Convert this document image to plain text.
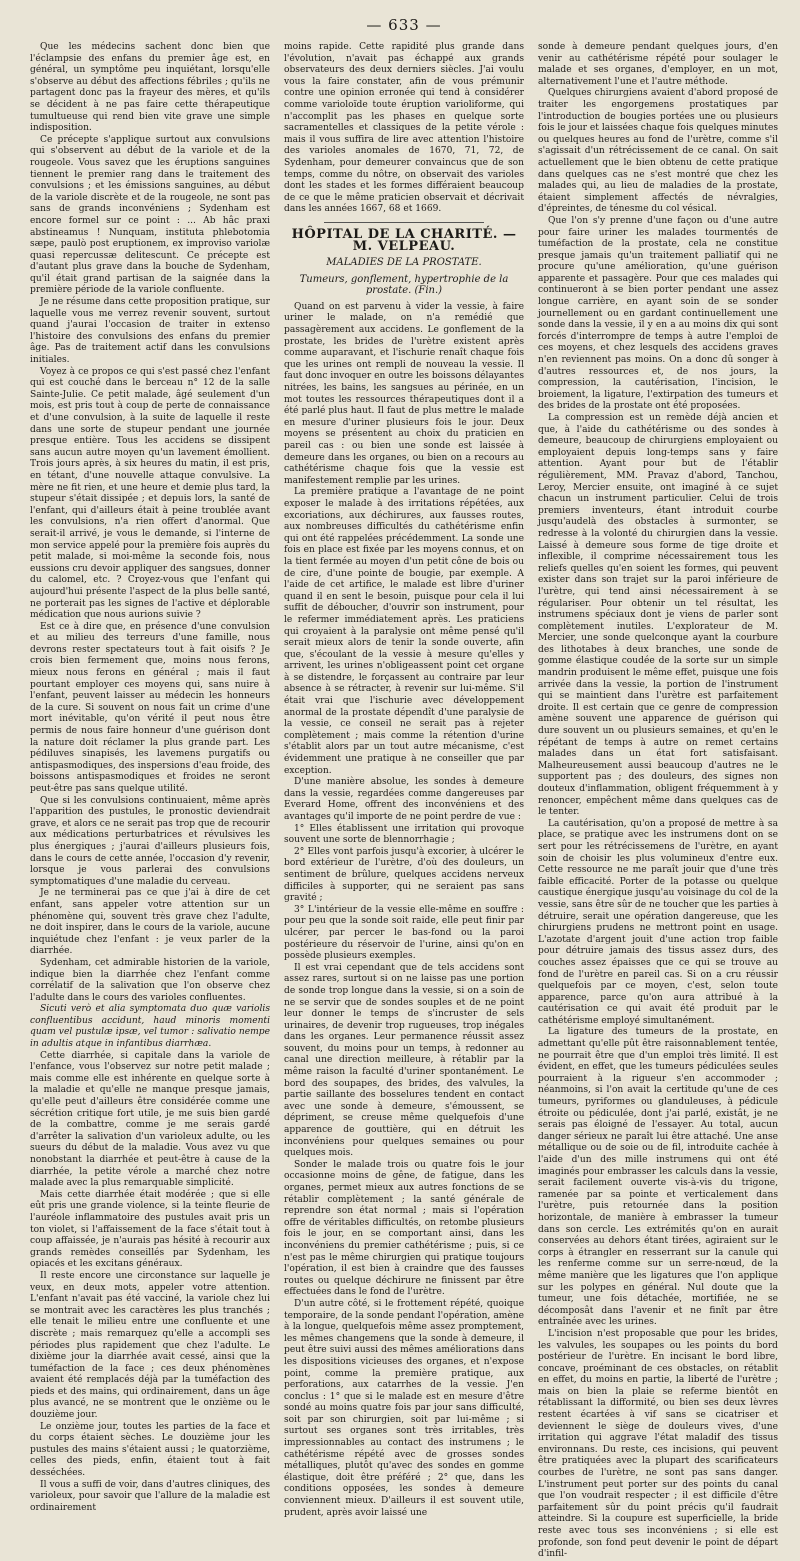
— 633 —

Que les médecins sachent donc bien que l'éclampsie des enfans du premier âge est, en général, un symptôme peu inquiétant, lorsqu'elle s'observe au début des affections fébriles ; qu'ils ne partagent donc pas la frayeur des mères, et qu'ils se décident à ne pas faire cette thérapeutique tumultueuse qui rend bien vite grave une simple indisposition.

Ce précepte s'applique surtout aux convulsions qui s'observent au début de la variole et de la rougeole. Vous savez que les éruptions sanguines tiennent le premier rang dans le traitement des convulsions ; et les émissions sanguines, au début de la variole discrète et de la rougeole, ne sont pas sans de grands inconvéniens ; Sydenham est encore formel sur ce point : ... Ab hâc praxi abstineamus ! Nunquam, instituta phlebotomia sæpe, paulò post eruptionem, ex improviso variolæ quasi repercussæ delitescunt. Ce précepte est d'autant plus grave dans la bouche de Sydenham, qu'il était grand partisan de la saignée dans la première période de la variole confluente.

Je ne résume dans cette proposition pratique, sur laquelle vous me verrez revenir souvent, surtout quand j'aurai l'occasion de traiter in extenso l'histoire des convulsions des enfans du premier âge. Pas de traitement actif dans les convulsions initiales.

Voyez à ce propos ce qui s'est passé chez l'enfant qui est couché dans le berceau n° 12 de la salle Sainte-Julie. Ce petit malade, âgé seulement d'un mois, est pris tout à coup de perte de connaissance et d'une convulsion, à la suite de laquelle il reste dans une sorte de stupeur pendant une journée presque entière. Tous les accidens se dissipent sans aucun autre moyen qu'un lavement émollient. Trois jours après, à six heures du matin, il est pris, en tétant, d'une nouvelle attaque convulsive. La mère ne fit rien, et une heure et demie plus tard, la stupeur s'était dissipée ; et depuis lors, la santé de l'enfant, qui d'ailleurs était à peine troublée avant les convulsions, n'a rien offert d'anormal. Que serait-il arrivé, je vous le demande, si l'interne de mon service appelé pour la première fois auprès du petit malade, si moi-même la seconde fois, nous eussions cru devoir appliquer des sangsues, donner du calomel, etc. ? Croyez-vous que l'enfant qui aujourd'hui présente l'aspect de la plus belle santé, ne porterait pas les signes de l'active et déplorable médication que nous aurions suivie ?

Est ce à dire que, en présence d'une convulsion et au milieu des terreurs d'une famille, nous devrons rester spectateurs tout à fait oisifs ? Je crois bien fermement que, moins nous ferons, mieux nous ferons en général ; mais il faut pourtant employer ces moyens qui, sans nuire à l'enfant, peuvent laisser au médecin les honneurs de la cure. Si souvent on nous fait un crime d'une mort inévitable, qu'on vérité il peut nous être permis de nous faire honneur d'une guérison dont la nature doit réclamer la plus grande part. Les pédiluves sinapisés, les lavemens purgatifs ou antispasmodiques, des inspersions d'eau froide, des boissons antispasmodiques et froides ne seront peut-être pas sans quelque utilité.

Que si les convulsions continuaient, même après l'apparition des pustules, le pronostic deviendrait grave, et alors ce ne serait pas trop que de recourir aux médications perturbatrices et révulsives les plus énergiques ; j'aurai d'ailleurs plusieurs fois, dans le cours de cette année, l'occasion d'y revenir, lorsque je vous parlerai des convulsions symptomatiques d'une maladie du cerveau.

Je ne terminerai pas ce que j'ai à dire de cet enfant, sans appeler votre attention sur un phénomène qui, souvent très grave chez l'adulte, ne doit inspirer, dans le cours de la variole, aucune inquiétude chez l'enfant : je veux parler de la diarrhée.

Sydenham, cet admirable historien de la variole, indique bien la diarrhée chez l'enfant comme corrélatif de la salivation que l'on observe chez l'adulte dans le cours des varioles confluentes.

Sicuti verò et alia symptomata duo quæ variolis confluentibus accidunt, haud minoris momenti quam vel pustulæ ipsæ, vel tumor : salivatio nempe in adultis atque in infantibus diarrhæa.

Cette diarrhée, si capitale dans la variole de l'enfance, vous l'observez sur notre petit malade ; mais comme elle est inhérente en quelque sorte à la maladie et qu'elle ne manque presque jamais, qu'elle peut d'ailleurs être considérée comme une sécrétion critique fort utile, je me suis bien gardé de la combattre, comme je me serais gardé d'arrêter la salivation d'un varioleux adulte, ou les sueurs du début de la maladie. Vous avez vu que nonobstant la diarrhée et peut-être à cause de la diarrhée, la petite vérole a marché chez notre malade avec la plus remarquable simplicité.

Mais cette diarrhée était modérée ; que si elle eût pris une grande violence, si la teinte fleurie de l'auréole inflammatoire des pustules avait pris un ton violet, si l'affaissement de la face s'était tout à coup affaissée, je n'aurais pas hésité à recourir aux grands remèdes conseillés par Sydenham, les opiacés et les excitans généraux.

Il reste encore une circonstance sur laquelle je veux, en deux mots, appeler votre attention. L'enfant n'avait pas été vacciné, la variole chez lui se montrait avec les caractères les plus tranchés ; elle tenait le milieu entre une confluente et une discrète ; mais remarquez qu'elle a accompli ses périodes plus rapidement que chez l'adulte. Le dixième jour la diarrhée avait cessé, ainsi que la tuméfaction de la face ; ces deux phénomènes avaient été remplacés déjà par la tuméfaction des pieds et des mains, qui ordinairement, dans un âge plus avancé, ne se montrent que le onzième ou le douzième jour.

Le onzième jour, toutes les parties de la face et du corps étaient sèches. Le douzième jour les pustules des mains s'étaient aussi ; le quatorzième, celles des pieds, enfin, étaient tout à fait desséchées.

Il vous a suffi de voir, dans d'autres cliniques, des varioleux, pour savoir que l'allure de la maladie est ordinairement

moins rapide. Cette rapidité plus grande dans l'évolution, n'avait pas échappé aux grands observateurs des deux derniers siècles. J'ai voulu vous la faire constater, afin de vous prémunir contre une opinion erronée qui tend à considérer comme varioloïde toute éruption varioliforme, qui n'accomplit pas les phases en quelque sorte sacramentelles et classiques de la petite vérole : mais il vous suffira de lire avec attention l'histoire des varioles anomales de 1670, 71, 72, de Sydenham, pour demeurer convaincus que de son temps, comme du nôtre, on observait des varioles dont les stades et les formes différaient beaucoup de ce que le même praticien observait et décrivait dans les années 1667, 68 et 1669.

HÔPITAL DE LA CHARITÉ. — M. VELPEAU.
MALADIES DE LA PROSTATE.
Tumeurs, gonflement, hypertrophie de la prostate. (Fin.)

Quand on est parvenu à vider la vessie, à faire uriner le malade, on n'a remédié que passagèrement aux accidens. Le gonflement de la prostate, les brides de l'urètre existent après comme auparavant, et l'ischurie renaît chaque fois que les urines ont rempli de nouveau la vessie. Il faut donc invoquer en outre les boissons délayantes nitrées, les bains, les sangsues au périnée, en un mot toutes les ressources thérapeutiques dont il a été parlé plus haut. Il faut de plus mettre le malade en mesure d'uriner plusieurs fois le jour. Deux moyens se présentent au choix du praticien en pareil cas : ou bien une sonde est laissée à demeure dans les organes, ou bien on a recours au cathétérisme chaque fois que la vessie est manifestement remplie par les urines.

La première pratique a l'avantage de ne point exposer le malade à des irritations répétées, aux excoriations, aux déchirures, aux fausses routes, aux nombreuses difficultés du cathétérisme enfin qui ont été rappelées précédemment. La sonde une fois en place est fixée par les moyens connus, et on la tient fermée au moyen d'un petit cône de bois ou de cire, d'une pointe de bougie, par exemple. A l'aide de cet artifice, le malade est libre d'uriner quand il en sent le besoin, puisque pour cela il lui suffit de déboucher, d'ouvrir son instrument, pour le refermer immédiatement après. Les praticiens qui croyaient à la paralysie ont même pensé qu'il serait mieux alors de tenir la sonde ouverte, afin que, s'écoulant de la vessie à mesure qu'elles y arrivent, les urines n'obligeassent point cet organe à se distendre, le forçassent au contraire par leur absence à se rétracter, à revenir sur lui-même. S'il était vrai que l'ischurie avec développement anormal de la prostate dépendît d'une paralysie de la vessie, ce conseil ne serait pas à rejeter complètement ; mais comme la rétention d'urine s'établit alors par un tout autre mécanisme, c'est évidemment une pratique à ne conseiller que par exception.

D'une manière absolue, les sondes à demeure dans la vessie, regardées comme dangereuses par Everard Home, offrent des inconvéniens et des avantages qu'il importe de ne point perdre de vue :

1° Elles établissent une irritation qui provoque souvent une sorte de blennorrhagie ;

2° Elles vont parfois jusqu'à excorier, à ulcérer le bord extérieur de l'urètre, d'où des douleurs, un sentiment de brûlure, quelques accidens nerveux difficiles à supporter, qui ne seraient pas sans gravité ;

3° L'intérieur de la vessie elle-même en souffre : pour peu que la sonde soit raide, elle peut finir par ulcérer, par percer le bas-fond ou la paroi postérieure du réservoir de l'urine, ainsi qu'on en possède plusieurs exemples.

Il est vrai cependant que de tels accidens sont assez rares, surtout si on ne laisse pas une portion de sonde trop longue dans la vessie, si on a soin de ne se servir que de sondes souples et de ne point leur donner le temps de s'incruster de sels urinaires, de devenir trop rugueuses, trop inégales dans les organes. Leur permanence réussit assez souvent, du moins pour un temps, à redonner au canal une direction meilleure, à rétablir par la même raison la faculté d'uriner spontanément. Le bord des soupapes, des brides, des valvules, la partie saillante des bosselures tendent en contact avec une sonde à demeure, s'émoussent, se dépriment, se creuse même quelquefois d'une apparence de gouttière, qui en détruit les inconvéniens pour quelques semaines ou pour quelques mois.

Sonder le malade trois ou quatre fois le jour occasionne moins de gêne, de fatigue, dans les organes, permet mieux aux autres fonctions de se rétablir complètement ; la santé générale de reprendre son état normal ; mais si l'opération offre de véritables difficultés, on retombe plusieurs fois le jour, en se comportant ainsi, dans les inconvéniens du premier cathétérisme ; puis, si ce n'est pas le même chirurgien qui pratique toujours l'opération, il est bien à craindre que des fausses routes ou quelque déchirure ne finissent par être effectuées dans le fond de l'urètre.

D'un autre côté, si le frottement répété, quoique temporaire, de la sonde pendant l'opération, amène à la longue, quelquefois même assez promptement, les mêmes changemens que la sonde à demeure, il peut être suivi aussi des mêmes améliorations dans les dispositions vicieuses des organes, et n'expose point, comme la première pratique, aux perforations, aux catarrhes de la vessie. J'en conclus : 1° que si le malade est en mesure d'être sondé au moins quatre fois par jour sans difficulté, soit par son chirurgien, soit par lui-même ; si surtout ses organes sont très irritables, très impressionnables au contact des instrumens ; le cathétérisme répété avec de grosses sondes métalliques, plutôt qu'avec des sondes en gomme élastique, doit être préféré ; 2° que, dans les conditions opposées, les sondes à demeure conviennent mieux. D'ailleurs il est souvent utile, prudent, après avoir laissé une

sonde à demeure pendant quelques jours, d'en venir au cathétérisme répété pour soulager le malade et ses organes, d'employer, en un mot, alternativement l'une et l'autre méthode.

Quelques chirurgiens avaient d'abord proposé de traiter les engorgemens prostatiques par l'introduction de bougies portées une ou plusieurs fois le jour et laissées chaque fois quelques minutes ou quelques heures au fond de l'urètre, comme s'il s'agissait d'un rétrécissement de ce canal. On sait actuellement que le bien obtenu de cette pratique dans quelques cas ne s'est montré que chez les malades qui, au lieu de maladies de la prostate, étaient simplement affectés de névralgies, d'épreintes, de ténesme du col vésical.

Que l'on s'y prenne d'une façon ou d'une autre pour faire uriner les malades tourmentés de tuméfaction de la prostate, cela ne constitue presque jamais qu'un traitement palliatif qui ne procure qu'une amélioration, qu'une guérison apparente et passagère. Pour que ces malades qui continueront à se bien porter pendant une assez longue carrière, en ayant soin de se sonder journellement ou en gardant continuellement une sonde dans la vessie, il y en a au moins dix qui sont forcés d'interrompre de temps à autre l'emploi de ces moyens, et chez lesquels des accidens graves n'en reviennent pas moins. On a donc dû songer à d'autres ressources et, de nos jours, la compression, la cautérisation, l'incision, le broiement, la ligature, l'extirpation des tumeurs et des brides de la prostate ont été proposées.

La compression est un remède déjà ancien et que, à l'aide du cathétérisme ou des sondes à demeure, beaucoup de chirurgiens employaient ou employaient depuis long-temps sans y faire attention. Ayant pour but de l'établir régulièrement, MM. Pravaz d'abord, Tanchou, Leroy, Mercier ensuite, ont imaginé à ce sujet chacun un instrument particulier. Celui de trois premiers inventeurs, étant introduit courbe jusqu'audelà des obstacles à surmonter, se redresse à la volonté du chirurgien dans la vessie. Laissé à demeure sous forme de tige droite et inflexible, il comprime nécessairement tous les reliefs quelles qu'en soient les formes, qui peuvent exister dans son trajet sur la paroi inférieure de l'urètre, qui tend ainsi nécessairement à se régulariser. Pour obtenir un tel résultat, les instrumens spéciaux dont je viens de parler sont complètement inutiles. L'explorateur de M. Mercier, une sonde quelconque ayant la courbure des lithotabes à deux branches, une sonde de gomme élastique coudée de la sorte sur un simple mandrin produisent le même effet, puisque une fois arrivée dans la vessie, la portion de l'instrument qui se maintient dans l'urètre est parfaitement droite. Il est certain que ce genre de compression amène souvent une apparence de guérison qui dure souvent un ou plusieurs semaines, et qu'en le répétant de temps à autre on remet certains malades dans un état fort satisfaisant. Malheureusement aussi beaucoup d'autres ne le supportent pas ; des douleurs, des signes non douteux d'inflammation, obligent fréquemment à y renoncer, empêchent même dans quelques cas de le tenter.

La cautérisation, qu'on a proposé de mettre à sa place, se pratique avec les instrumens dont on se sert pour les rétrécissemens de l'urètre, en ayant soin de choisir les plus volumineux d'entre eux. Cette ressource ne me paraît jouir que d'une très faible efficacité. Porter de la potasse ou quelque caustique énergique jusqu'au voisinage du col de la vessie, sans être sûr de ne toucher que les parties à détruire, serait une opération dangereuse, que les chirurgiens prudens ne mettront point en usage. L'azotate d'argent jouit d'une action trop faible pour détruire jamais des tissus assez durs, des couches assez épaisses que ce qui se trouve au fond de l'urètre en pareil cas. Si on a cru réussir quelquefois par ce moyen, c'est, selon toute apparence, parce qu'on aura attribué à la cautérisation ce qui avait été produit par le cathétérisme employé simultanément.

La ligature des tumeurs de la prostate, en admettant qu'elle pût être raisonnablement tentée, ne pourrait être que d'un emploi très limité. Il est évident, en effet, que les tumeurs pédiculées seules pourraient à la rigueur s'en accommoder ; néanmoins, si l'on avait la certitude qu'une de ces tumeurs, pyriformes ou glanduleuses, à pédicule étroite ou pédiculée, dont j'ai parlé, existât, je ne serais pas éloigné de l'essayer. Au total, aucun danger sérieux ne paraît lui être attaché. Une anse métallique ou de soie ou de fil, introduite cachée à l'aide d'un des mille instrumens qui ont été imaginés pour embrasser les calculs dans la vessie, serait facilement ouverte vis-à-vis du trigone, ramenée par sa pointe et verticalement dans l'urètre, puis retournée dans la position horizontale, de manière à embrasser la tumeur dans son cercle. Les extrémités qu'on en aurait conservées au dehors étant tirées, agiraient sur le corps à étrangler en resserrant sur la canule qui les renferme comme sur un serre-nœud, de la même manière que les ligatures que l'on applique sur les polypes en général. Nul doute que la tumeur, une fois détachée, mortifiée, ne se décomposât dans l'avenir et ne finît par être entraînée avec les urines.

L'incision n'est proposable que pour les brides, les valvules, les soupapes ou les points du bord postérieur de l'urètre. En incisant le bord libre, concave, proéminant de ces obstacles, on rétablit en effet, du moins en partie, la liberté de l'urètre ; mais on bien la plaie se referme bientôt en rétablissant la difformité, ou bien ses deux lèvres restent écartées à vif sans se cicatriser et deviennent le siège de douleurs vives, d'une irritation qui aggrave l'état maladif des tissus environnans. Du reste, ces incisions, qui peuvent être pratiquées avec la plupart des scarificateurs courbes de l'urètre, ne sont pas sans danger. L'instrument peut porter sur des points du canal que l'on voudrait respecter ; il est difficile d'être parfaitement sûr du point précis qu'il faudrait atteindre. Si la coupure est superficielle, la bride reste avec tous ses inconvéniens ; si elle est profonde, son fond peut devenir le point de départ d'infil-
